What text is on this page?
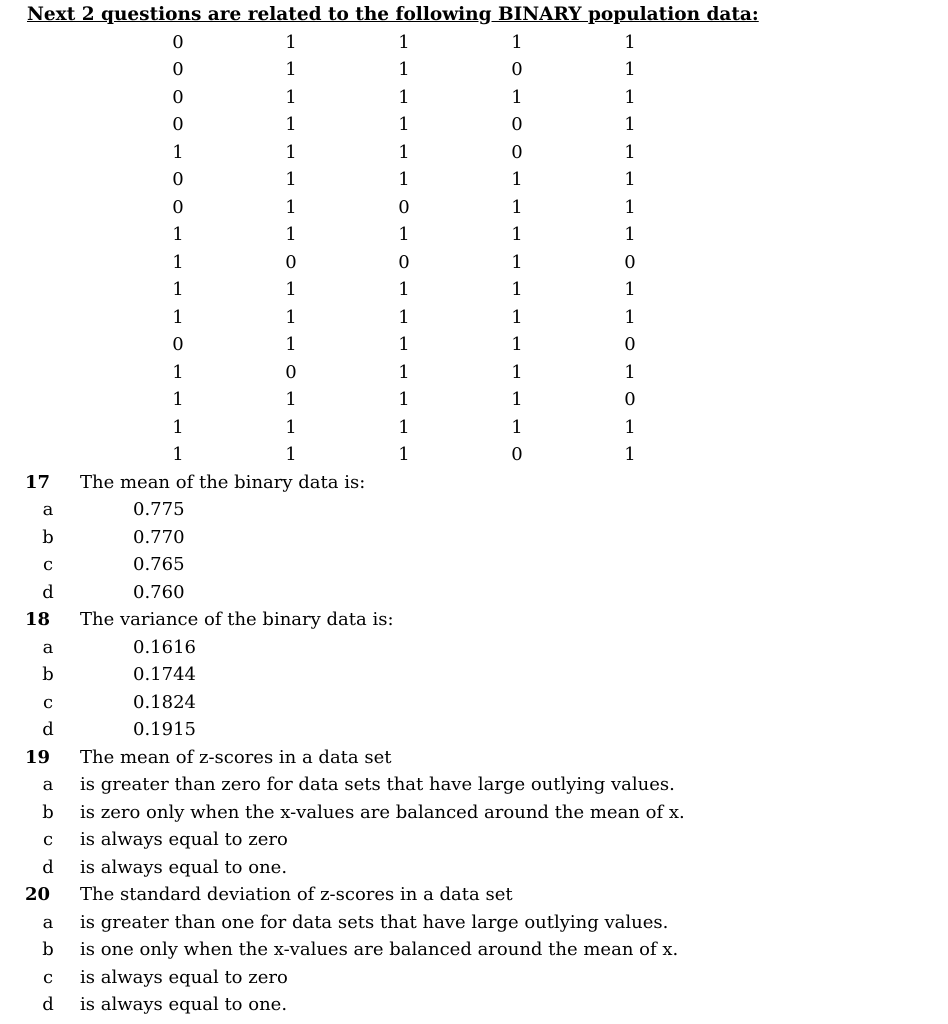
Next 2 questions are related to the following BINARY population data:
0	1	1	1	1
0	1	1	0	1
0	1	1	1	1
0	1	1	0	1
1	1	1	0	1
0	1	1	1	1
0	1	0	1	1
1	1	1	1	1
1	0	0	1	0
1	1	1	1	1
1	1	1	1	1
0	1	1	1	0
1	0	1	1	1
1	1	1	1	0
1	1	1	1	1
1	1	1	0	1
17 The mean of the binary data is:
a	0.775
b	0.770
c	0.765
d	0.760
18 The variance of the binary data is:
a	0.1616
b	0.1744
c	0.1824
d	0.1915
19 The mean of z-scores in a data set
a is greater than zero for data sets that have large outlying values.
b is zero only when the x-values are balanced around the mean of x.
c is always equal to zero
d is always equal to one.
20 The standard deviation of z-scores in a data set
a is greater than one for data sets that have large outlying values.
b is one only when the x-values are balanced around the mean of x.
c is always equal to zero
d is always equal to one.
